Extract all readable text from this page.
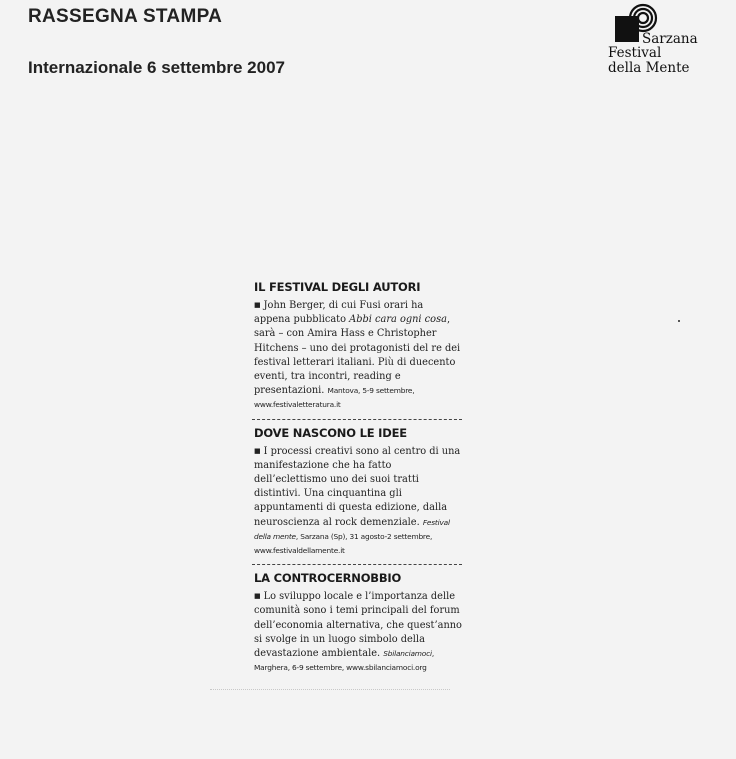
RASSEGNA STAMPA
Internazionale 6 settembre 2007
Sarzana
Festival
della Mente
IL FESTIVAL DEGLI AUTORI
■ John Berger, di cui Fusi orari ha appena pubblicato Abbi cara ogni cosa, sarà – con Amira Hass e Christopher Hitchens – uno dei protagonisti del re dei festival letterari italiani. Più di duecento eventi, tra incontri, reading e presentazioni. Mantova, 5-9 settembre, www.festivaletteratura.it
DOVE NASCONO LE IDEE
■ I processi creativi sono al centro di una manifestazione che ha fatto dell’eclettismo uno dei suoi tratti distintivi. Una cinquantina gli appuntamenti di questa edizione, dalla neuroscienza al rock demenziale. Festival della mente, Sarzana (Sp), 31 agosto-2 settembre, www.festivaldellamente.it
LA CONTROCERNOBBIO
■ Lo sviluppo locale e l’importanza delle comunità sono i temi principali del forum dell’economia alternativa, che quest’anno si svolge in un luogo simbolo della devastazione ambientale. Sbilanciamoci, Marghera, 6-9 settembre, www.sbilanciamoci.org
